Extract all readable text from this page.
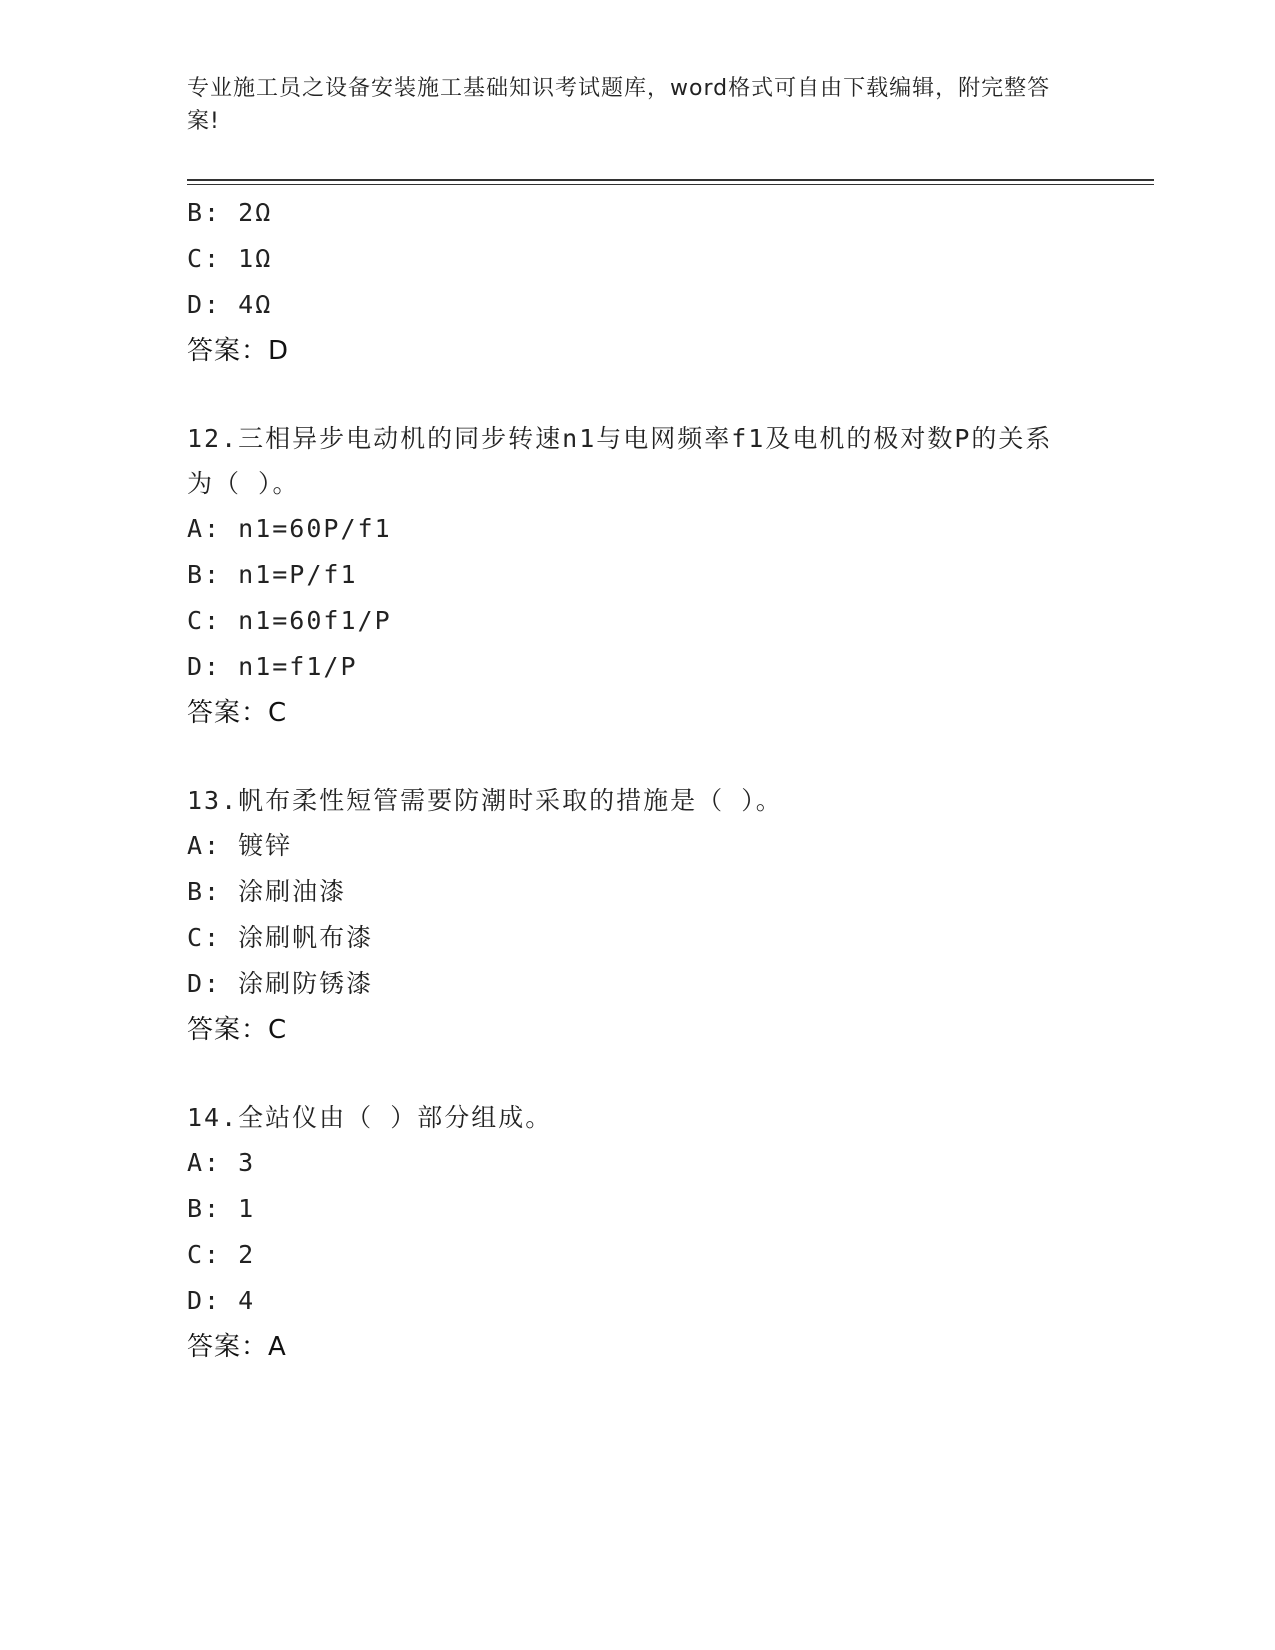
专业施工员之设备安装施工基础知识考试题库，word格式可自由下载编辑，附完整答案!
B: 2Ω
C: 1Ω
D: 4Ω
答案：D
12.三相异步电动机的同步转速n1与电网频率f1及电机的极对数P的关系为（ ）。
A: n1=60P/f1
B: n1=P/f1
C: n1=60f1/P
D: n1=f1/P
答案：C
13.帆布柔性短管需要防潮时采取的措施是（ ）。
A: 镀锌
B: 涂刷油漆
C: 涂刷帆布漆
D: 涂刷防锈漆
答案：C
14.全站仪由（ ）部分组成。
A: 3
B: 1
C: 2
D: 4
答案：A
